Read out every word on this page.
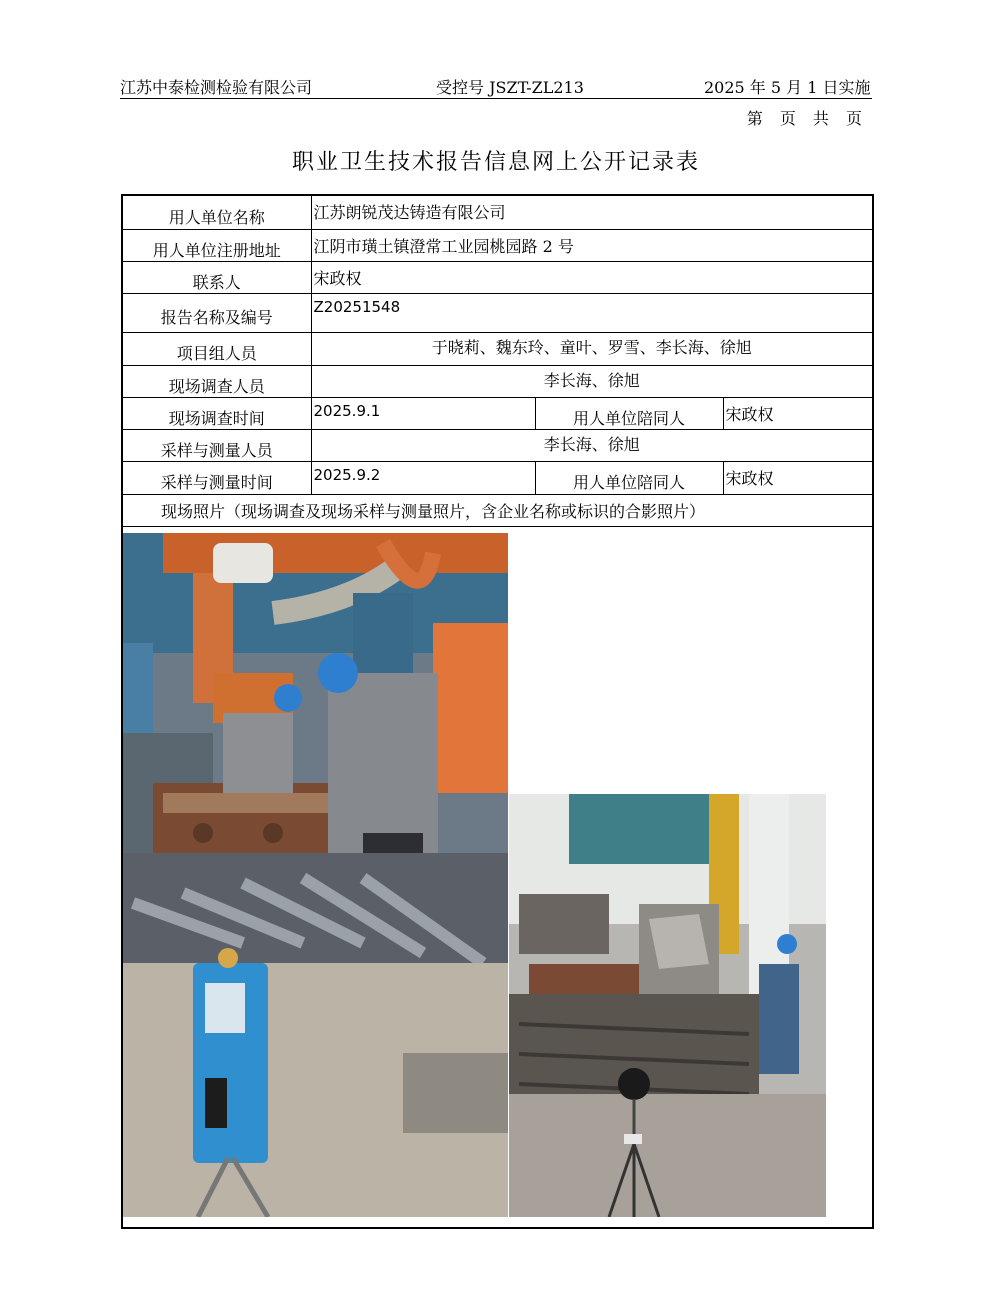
江苏中泰检测检验有限公司	受控号 JSZT-ZL213	2025 年 5 月 1 日实施
第 页 共 页
职业卫生技术报告信息网上公开记录表
用人单位名称	江苏朗锐茂达铸造有限公司		
用人单位注册地址	江阴市璜土镇澄常工业园桃园路 2 号		
联系人	宋政权		
报告名称及编号	Z20251548		
项目组人员	于晓莉、魏东玲、童叶、罗雪、李长海、徐旭		
现场调查人员	李长海、徐旭		
现场调查时间	2025.9.1	用人单位陪同人	宋政权
采样与测量人员	李长海、徐旭		
采样与测量时间	2025.9.2	用人单位陪同人	宋政权
现场照片（现场调查及现场采样与测量照片，含企业名称或标识的合影照片）			
